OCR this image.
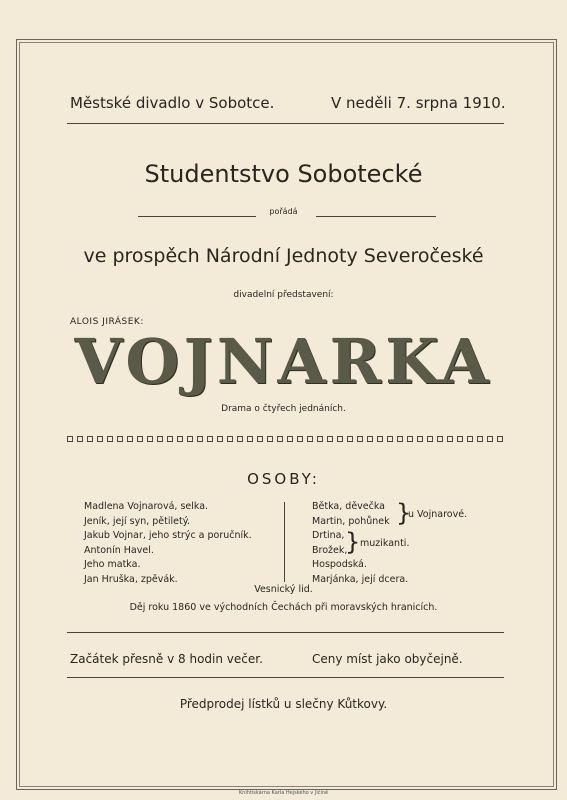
Městské divadlo v Sobotce.	V neděli 7. srpna 1910.
Studentstvo Sobotecké
pořádá
ve prospěch Národní Jednoty Severočeské
divadelní představení:
ALOIS JIRÁSEK:
VOJNARKA
Drama o čtyřech jednáních.
OSOBY:
Madlena Vojnarová, selka.
Jeník, její syn, pětiletý.
Jakub Vojnar, jeho strýc a poručník.
Antonín Havel.
Jeho matka.
Jan Hruška, zpěvák.
Bětka, děvečka
Martin, pohůnek
Drtina,
Brožek,
Hospodská.
Marjánka, její dcera.
}
u Vojnarové.
} muzikanti.
Vesnický lid.
Děj roku 1860 ve východních Čechách při moravských hranicích.
Začátek přesně v 8 hodin večer.	Ceny míst jako obyčejně.
Předprodej lístků u slečny Kůtkovy.
Knihtiskárna Karla Hejského v Jičíně
